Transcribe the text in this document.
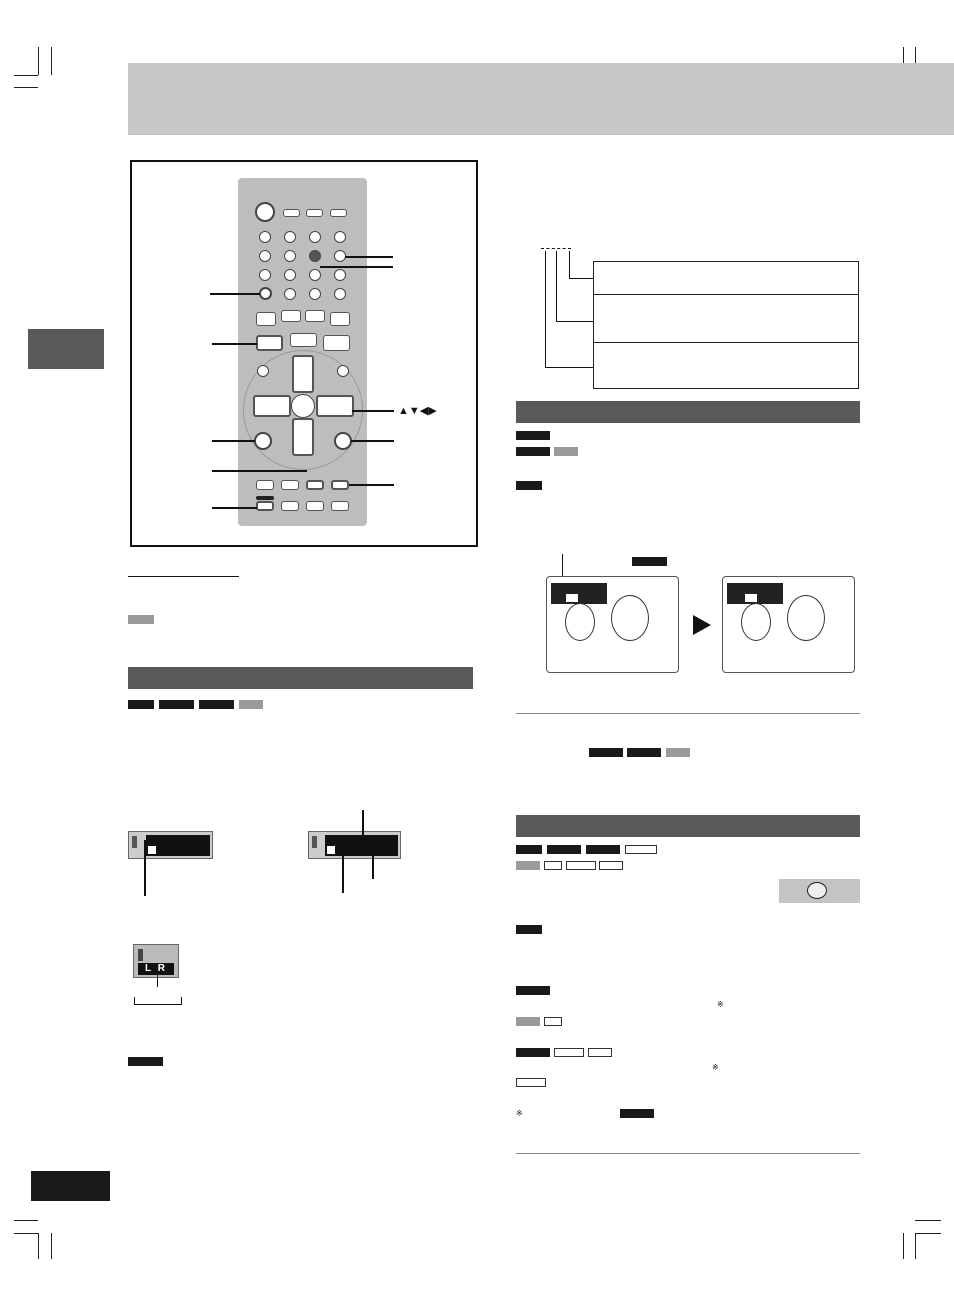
▲▼◀▶
L R
※
※
※
